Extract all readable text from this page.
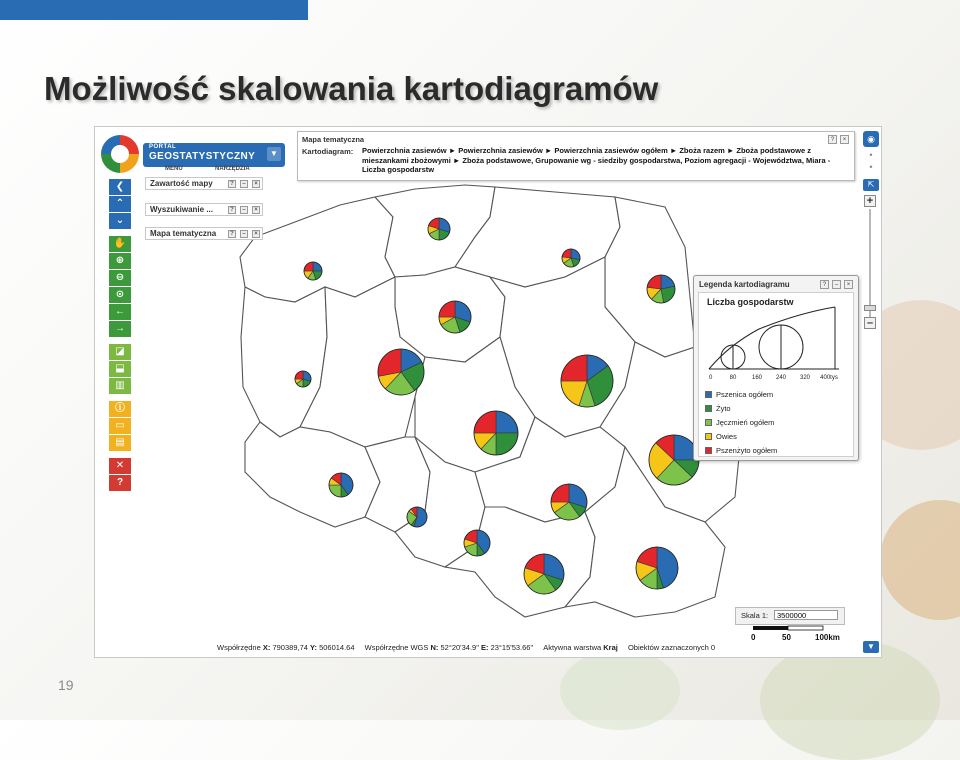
Możliwość skalowania kartodiagramów
19
PORTAL
GEOSTATYSTYCZNY	▼
MENU	NARZĘDZIA
❮
⌃
⌄
✋
⊕
⊖
⊙
←
→
◪
⬓
▥
ⓘ
▭
▤
✕
?
Zawartość mapy	?	–	×
Wyszukiwanie ...	?	–	×
Mapa tematyczna	?	–	×
Mapa tematyczna	?	×
Kartodiagram: Powierzchnia zasiewów ► Powierzchnia zasiewów ► Powierzchnia zasiewów ogółem ► Zboża razem ► Zboża podstawowe z mieszankami zbożowymi ► Zboża podstawowe, Grupowanie wg - siedziby gospodarstwa, Poziom agregacji - Województwa, Miara - Liczba gospodarstw
◉
•
•
⇱
+
–
Legenda kartodiagramu	?	–	×
Liczba gospodarstw
0	80	160 240 320 400tys
Pszenica ogółem
Żyto
Jęczmień ogółem
Owies
Pszenżyto ogółem
Skala 1:	3500000
0	50	100km
Współrzędne X: 790389,74 Y: 506014.64 Współrzędne WGS N: 52°20'34.9" E: 23°15'53.66" Aktywna warstwa Kraj Obiektów zaznaczonych 0	▼
